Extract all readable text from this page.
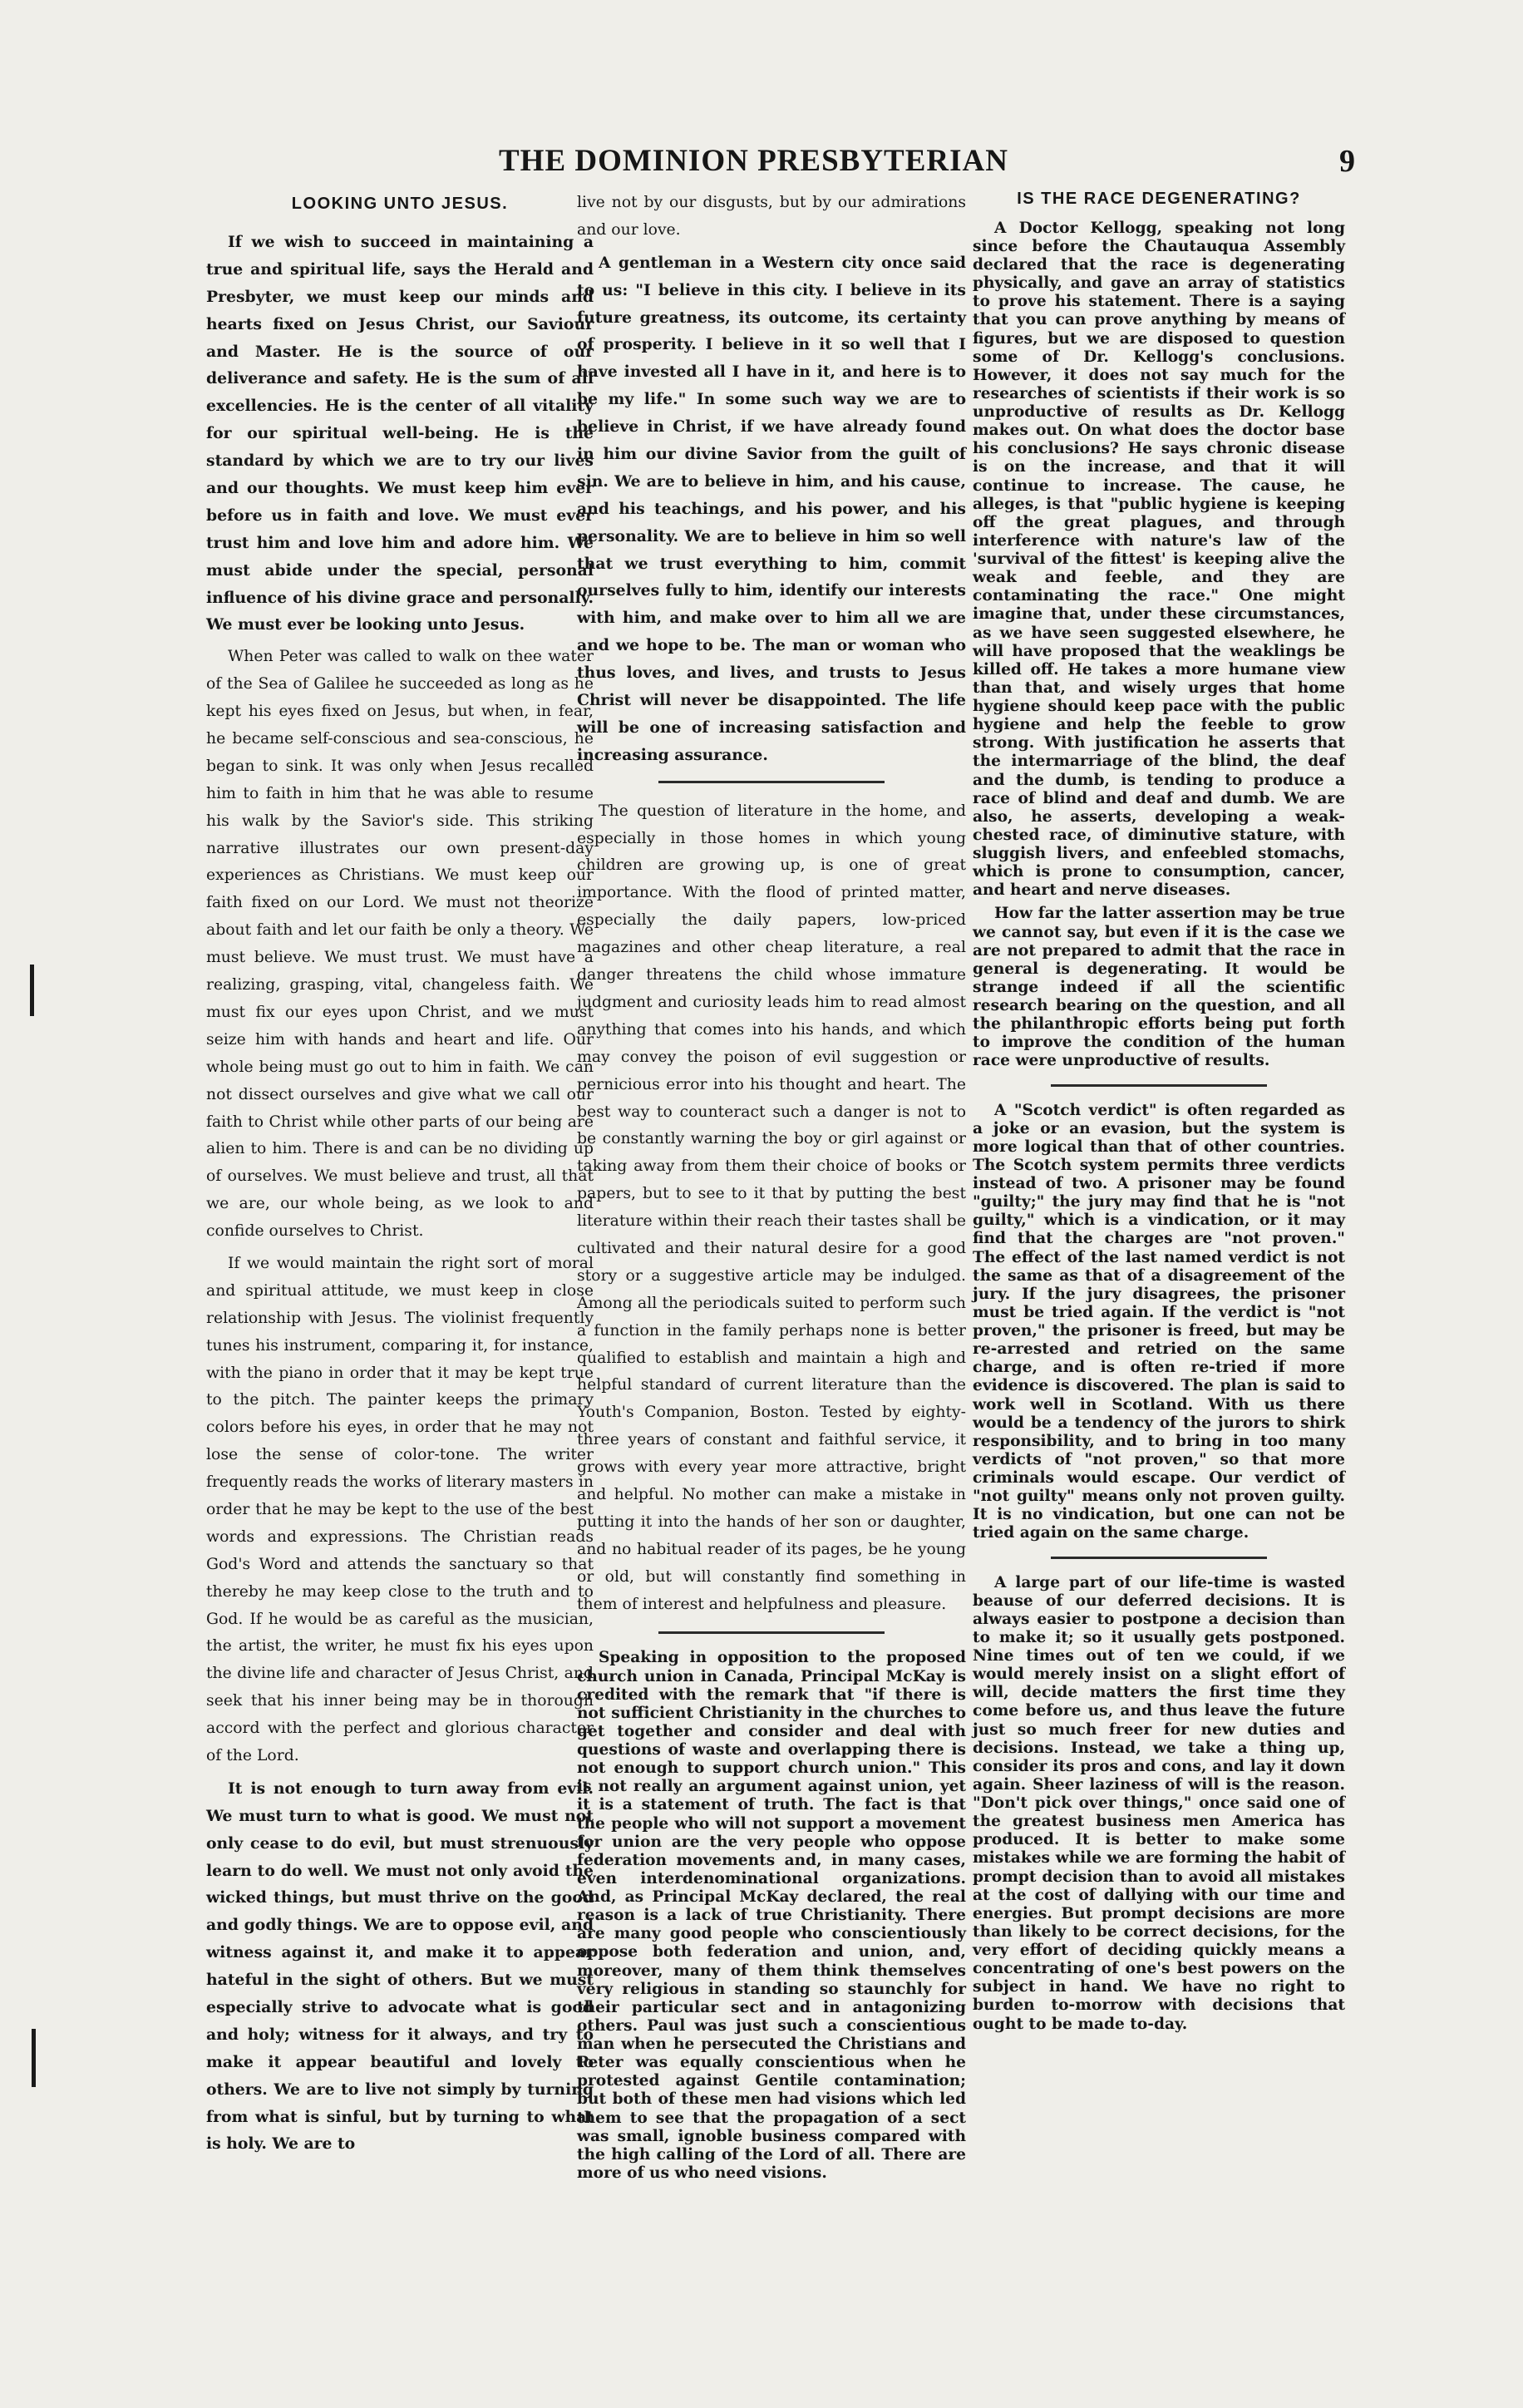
THE DOMINION PRESBYTERIAN	9
LOOKING UNTO JESUS.

If we wish to succeed in maintaining a true and spiritual life, says the Herald and Presbyter, we must keep our minds and hearts fixed on Jesus Christ, our Saviour and Master. He is the source of our deliverance and safety. He is the sum of all excellencies. He is the center of all vitality for our spiritual well-being. He is the standard by which we are to try our lives and our thoughts. We must keep him ever before us in faith and love. We must ever trust him and love him and adore him. We must abide under the special, personal influence of his divine grace and personally. We must ever be looking unto Jesus.

When Peter was called to walk on thee water of the Sea of Galilee he succeeded as long as he kept his eyes fixed on Jesus, but when, in fear, he became self-conscious and sea-conscious, he began to sink. It was only when Jesus recalled him to faith in him that he was able to resume his walk by the Savior's side. This striking narrative illustrates our own present-day experiences as Christians. We must keep our faith fixed on our Lord. We must not theorize about faith and let our faith be only a theory. We must believe. We must trust. We must have a realizing, grasping, vital, changeless faith. We must fix our eyes upon Christ, and we must seize him with hands and heart and life. Our whole being must go out to him in faith. We can not dissect ourselves and give what we call our faith to Christ while other parts of our being are alien to him. There is and can be no dividing up of ourselves. We must believe and trust, all that we are, our whole being, as we look to and confide ourselves to Christ.

If we would maintain the right sort of moral and spiritual attitude, we must keep in close relationship with Jesus. The violinist frequently tunes his instrument, comparing it, for instance, with the piano in order that it may be kept true to the pitch. The painter keeps the primary colors before his eyes, in order that he may not lose the sense of color-tone. The writer frequently reads the works of literary masters in order that he may be kept to the use of the best words and expressions. The Christian reads God's Word and attends the sanctuary so that thereby he may keep close to the truth and to God. If he would be as careful as the musician, the artist, the writer, he must fix his eyes upon the divine life and character of Jesus Christ, and seek that his inner being may be in thorough accord with the perfect and glorious character of the Lord.

It is not enough to turn away from evil. We must turn to what is good. We must not only cease to do evil, but must strenuously learn to do well. We must not only avoid the wicked things, but must thrive on the good and godly things. We are to oppose evil, and witness against it, and make it to appear hateful in the sight of others. But we must especially strive to advocate what is good and holy; witness for it always, and try to make it appear beautiful and lovely to others. We are to live not simply by turning from what is sinful, but by turning to what is holy. We are to

live not by our disgusts, but by our admirations and our love.

A gentleman in a Western city once said to us: "I believe in this city. I believe in its future greatness, its outcome, its certainty of prosperity. I believe in it so well that I have invested all I have in it, and here is to be my life." In some such way we are to believe in Christ, if we have already found in him our divine Savior from the guilt of sin. We are to believe in him, and his cause, and his teachings, and his power, and his personality. We are to believe in him so well that we trust everything to him, commit ourselves fully to him, identify our interests with him, and make over to him all we are and we hope to be. The man or woman who thus loves, and lives, and trusts to Jesus Christ will never be disappointed. The life will be one of increasing satisfaction and increasing assurance.

The question of literature in the home, and especially in those homes in which young children are growing up, is one of great importance. With the flood of printed matter, especially the daily papers, low-priced magazines and other cheap literature, a real danger threatens the child whose immature judgment and curiosity leads him to read almost anything that comes into his hands, and which may convey the poison of evil suggestion or pernicious error into his thought and heart. The best way to counteract such a danger is not to be constantly warning the boy or girl against or taking away from them their choice of books or papers, but to see to it that by putting the best literature within their reach their tastes shall be cultivated and their natural desire for a good story or a suggestive article may be indulged. Among all the periodicals suited to perform such a function in the family perhaps none is better qualified to establish and maintain a high and helpful standard of current literature than the Youth's Companion, Boston. Tested by eighty-three years of constant and faithful service, it grows with every year more attractive, bright and helpful. No mother can make a mistake in putting it into the hands of her son or daughter, and no habitual reader of its pages, be he young or old, but will constantly find something in them of interest and helpfulness and pleasure.

Speaking in opposition to the proposed church union in Canada, Principal McKay is credited with the remark that "if there is not sufficient Christianity in the churches to get together and consider and deal with questions of waste and overlapping there is not enough to support church union." This is not really an argument against union, yet it is a statement of truth. The fact is that the people who will not support a movement for union are the very people who oppose federation movements and, in many cases, even interdenominational organizations. And, as Principal McKay declared, the real reason is a lack of true Christianity. There are many good people who conscientiously oppose both federation and union, and, moreover, many of them think themselves very religious in standing so staunchly for their particular sect and in antagonizing others. Paul was just such a conscientious man when he persecuted the Christians and Peter was equally conscientious when he protested against Gentile contamination; but both of these men had visions which led them to see that the propagation of a sect was small, ignoble business compared with the high calling of the Lord of all. There are more of us who need visions.

IS THE RACE DEGENERATING?

A Doctor Kellogg, speaking not long since before the Chautauqua Assembly declared that the race is degenerating physically, and gave an array of statistics to prove his statement. There is a saying that you can prove anything by means of figures, but we are disposed to question some of Dr. Kellogg's conclusions. However, it does not say much for the researches of scientists if their work is so unproductive of results as Dr. Kellogg makes out. On what does the doctor base his conclusions? He says chronic disease is on the increase, and that it will continue to increase. The cause, he alleges, is that "public hygiene is keeping off the great plagues, and through interference with nature's law of the 'survival of the fittest' is keeping alive the weak and feeble, and they are contaminating the race." One might imagine that, under these circumstances, as we have seen suggested elsewhere, he will have proposed that the weaklings be killed off. He takes a more humane view than that, and wisely urges that home hygiene should keep pace with the public hygiene and help the feeble to grow strong. With justification he asserts that the intermarriage of the blind, the deaf and the dumb, is tending to produce a race of blind and deaf and dumb. We are also, he asserts, developing a weak-chested race, of diminutive stature, with sluggish livers, and enfeebled stomachs, which is prone to consumption, cancer, and heart and nerve diseases.

How far the latter assertion may be true we cannot say, but even if it is the case we are not prepared to admit that the race in general is degenerating. It would be strange indeed if all the scientific research bearing on the question, and all the philanthropic efforts being put forth to improve the condition of the human race were unproductive of results.

A "Scotch verdict" is often regarded as a joke or an evasion, but the system is more logical than that of other countries. The Scotch system permits three verdicts instead of two. A prisoner may be found "guilty;" the jury may find that he is "not guilty," which is a vindication, or it may find that the charges are "not proven." The effect of the last named verdict is not the same as that of a disagreement of the jury. If the jury disagrees, the prisoner must be tried again. If the verdict is "not proven," the prisoner is freed, but may be re-arrested and retried on the same charge, and is often re-tried if more evidence is discovered. The plan is said to work well in Scotland. With us there would be a tendency of the jurors to shirk responsibility, and to bring in too many verdicts of "not proven," so that more criminals would escape. Our verdict of "not guilty" means only not proven guilty. It is no vindication, but one can not be tried again on the same charge.

A large part of our life-time is wasted beause of our deferred decisions. It is always easier to postpone a decision than to make it; so it usually gets postponed. Nine times out of ten we could, if we would merely insist on a slight effort of will, decide matters the first time they come before us, and thus leave the future just so much freer for new duties and decisions. Instead, we take a thing up, consider its pros and cons, and lay it down again. Sheer laziness of will is the reason. "Don't pick over things," once said one of the greatest business men America has produced. It is better to make some mistakes while we are forming the habit of prompt decision than to avoid all mistakes at the cost of dallying with our time and energies. But prompt decisions are more than likely to be correct decisions, for the very effort of deciding quickly means a concentrating of one's best powers on the subject in hand. We have no right to burden to-morrow with decisions that ought to be made to-day.
